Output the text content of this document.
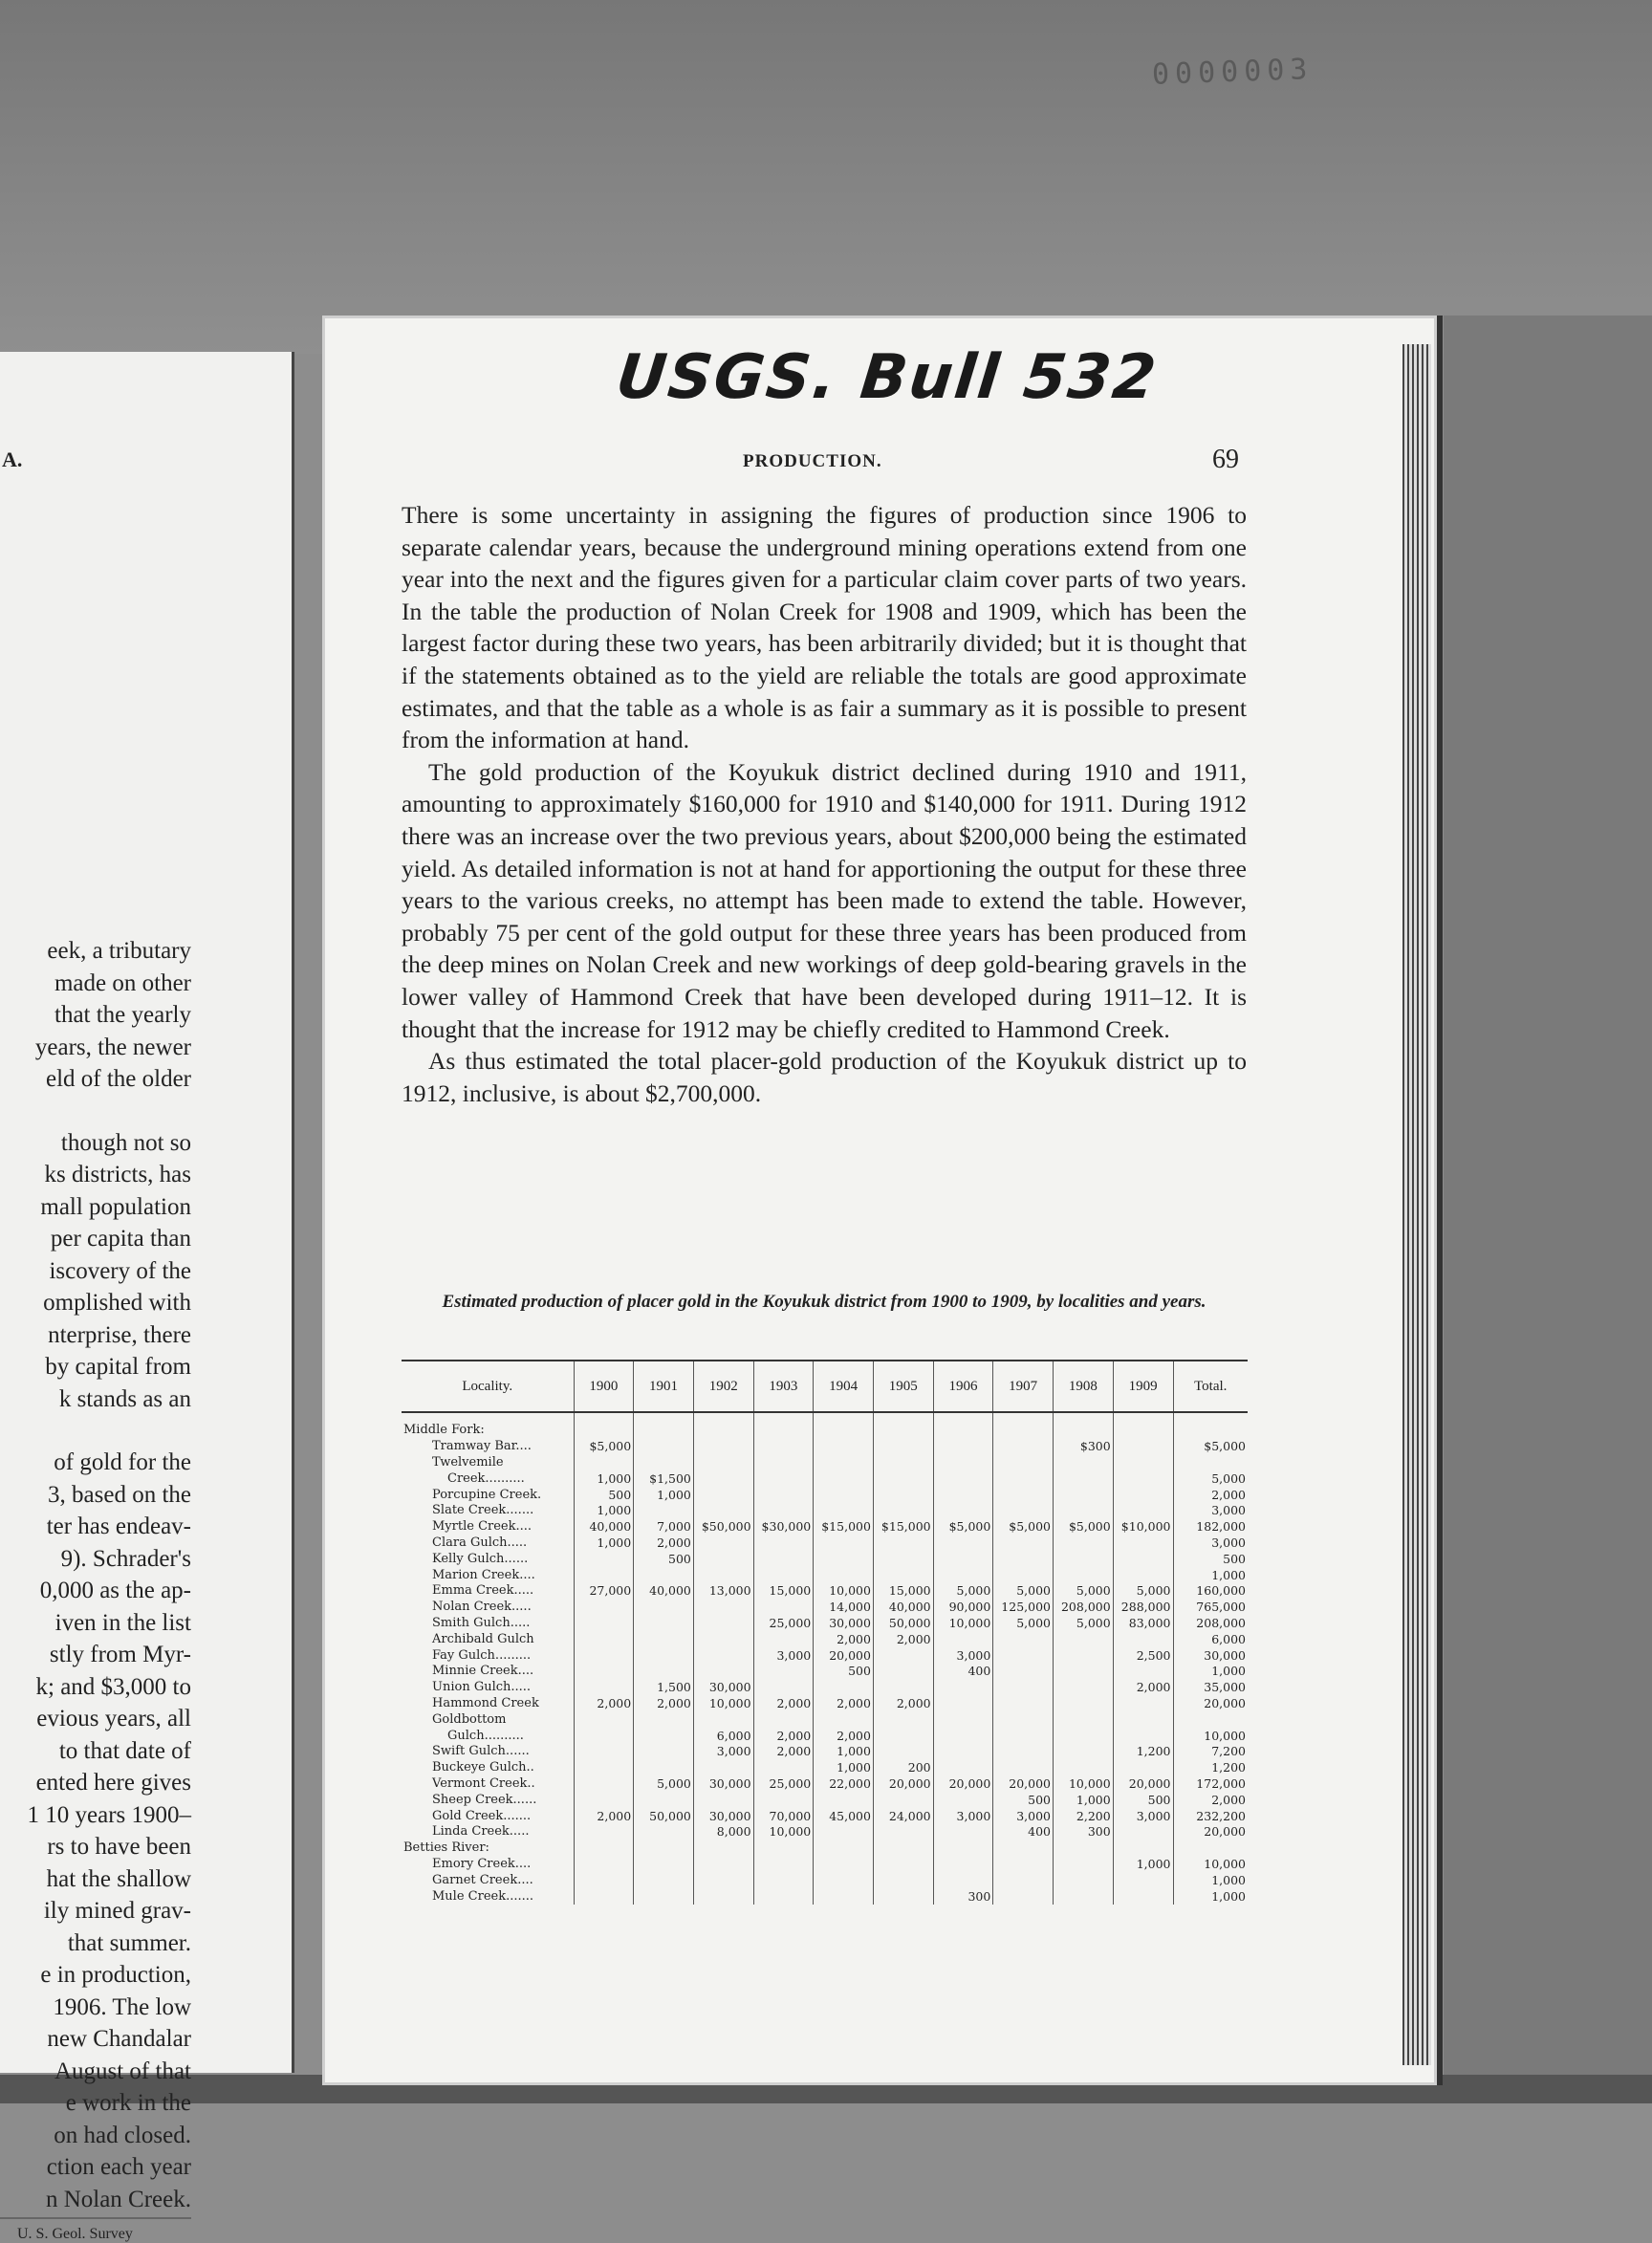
0000003
A.
eek, a tributary
made on other
that the yearly
years, the newer
eld of the older
though not so
ks districts, has
mall population
per capita than
iscovery of the
omplished with
nterprise, there
by capital from
k stands as an
of gold for the
3, based on the
ter has endeav-
9). Schrader's
0,000 as the ap-
iven in the list
stly from Myr-
k; and $3,000 to
evious years, all
to that date of
ented here gives
1 10 years 1900–
rs to have been
hat the shallow
ily mined grav-
that summer.
e in production,
1906. The low
new Chandalar
August of that
e work in the
on had closed.
ction each year
n Nolan Creek.
U. S. Geol. Survey
USGS. Bull 532
PRODUCTION.	69

There is some uncertainty in assigning the figures of production since 1906 to separate calendar years, because the underground mining operations extend from one year into the next and the figures given for a particular claim cover parts of two years. In the table the production of Nolan Creek for 1908 and 1909, which has been the largest factor during these two years, has been arbitrarily divided; but it is thought that if the statements obtained as to the yield are reliable the totals are good approximate estimates, and that the table as a whole is as fair a summary as it is possible to present from the information at hand.

The gold production of the Koyukuk district declined during 1910 and 1911, amounting to approximately $160,000 for 1910 and $140,000 for 1911. During 1912 there was an increase over the two previous years, about $200,000 being the estimated yield. As detailed information is not at hand for apportioning the output for these three years to the various creeks, no attempt has been made to extend the table. However, probably 75 per cent of the gold output for these three years has been produced from the deep mines on Nolan Creek and new workings of deep gold-bearing gravels in the lower valley of Hammond Creek that have been developed during 1911–12. It is thought that the increase for 1912 may be chiefly credited to Hammond Creek.

As thus estimated the total placer-gold production of the Koyukuk district up to 1912, inclusive, is about $2,700,000.

Estimated production of placer gold in the Koyukuk district from 1900 to 1909, by localities and years.
Locality.	1900	1901	1902	1903	1904	1905	1906	1907	1908	1909	Total.
Middle Fork:											
Tramway Bar....	$5,000								$300		$5,000
Twelvemile											
Creek..........	1,000	$1,500									5,000
Porcupine Creek.	500	1,000									2,000
Slate Creek.......	1,000										3,000
Myrtle Creek....	40,000	7,000	$50,000	$30,000	$15,000	$15,000	$5,000	$5,000	$5,000	$10,000	182,000
Clara Gulch.....	1,000	2,000									3,000
Kelly Gulch......		500									500
Marion Creek....											1,000
Emma Creek.....	27,000	40,000	13,000	15,000	10,000	15,000	5,000	5,000	5,000	5,000	160,000
Nolan Creek.....					14,000	40,000	90,000	125,000	208,000	288,000	765,000
Smith Gulch.....				25,000	30,000	50,000	10,000	5,000	5,000	83,000	208,000
Archibald Gulch					2,000	2,000					6,000
Fay Gulch.........				3,000	20,000		3,000			2,500	30,000
Minnie Creek....					500		400				1,000
Union Gulch.....		1,500	30,000							2,000	35,000
Hammond Creek	2,000	2,000	10,000	2,000	2,000	2,000					20,000
Goldbottom											
Gulch..........			6,000	2,000	2,000						10,000
Swift Gulch......			3,000	2,000	1,000					1,200	7,200
Buckeye Gulch..					1,000	200					1,200
Vermont Creek..		5,000	30,000	25,000	22,000	20,000	20,000	20,000	10,000	20,000	172,000
Sheep Creek......								500	1,000	500	2,000
Gold Creek.......	2,000	50,000	30,000	70,000	45,000	24,000	3,000	3,000	2,200	3,000	232,200
Linda Creek.....			8,000	10,000				400	300		20,000
Betties River:											
Emory Creek....										1,000	10,000
Garnet Creek....											1,000
Mule Creek.......							300				1,000
